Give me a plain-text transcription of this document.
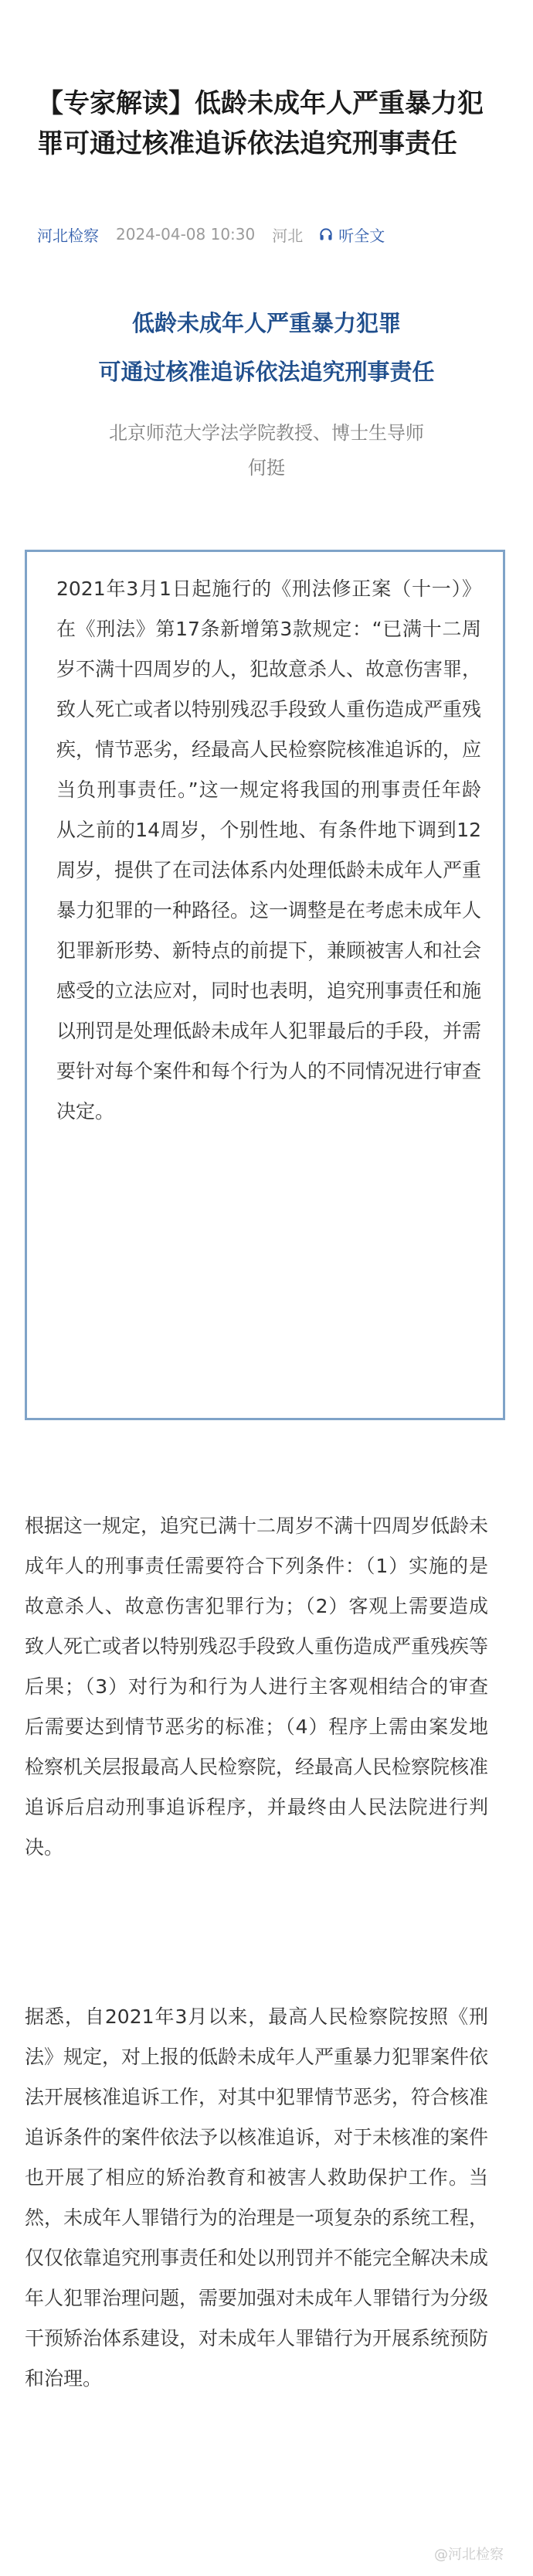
【专家解读】低龄未成年人严重暴力犯罪可通过核准追诉依法追究刑事责任
河北检察 2024-04-08 10:30 河北 听全文
低龄未成年人严重暴力犯罪
可通过核准追诉依法追究刑事责任
北京师范大学法学院教授、博士生导师
何挺

2021年3月1日起施行的《刑法修正案（十一）》在《刑法》第17条新增第3款规定：“已满十二周岁不满十四周岁的人，犯故意杀人、故意伤害罪，致人死亡或者以特别残忍手段致人重伤造成严重残疾，情节恶劣，经最高人民检察院核准追诉的，应当负刑事责任。”这一规定将我国的刑事责任年龄从之前的14周岁，个别性地、有条件地下调到12周岁，提供了在司法体系内处理低龄未成年人严重暴力犯罪的一种路径。这一调整是在考虑未成年人犯罪新形势、新特点的前提下，兼顾被害人和社会感受的立法应对，同时也表明，追究刑事责任和施以刑罚是处理低龄未成年人犯罪最后的手段，并需要针对每个案件和每个行为人的不同情况进行审查决定。

根据这一规定，追究已满十二周岁不满十四周岁低龄未成年人的刑事责任需要符合下列条件：（1）实施的是故意杀人、故意伤害犯罪行为；（2）客观上需要造成致人死亡或者以特别残忍手段致人重伤造成严重残疾等后果；（3）对行为和行为人进行主客观相结合的审查后需要达到情节恶劣的标准；（4）程序上需由案发地检察机关层报最高人民检察院，经最高人民检察院核准追诉后启动刑事追诉程序，并最终由人民法院进行判决。

据悉，自2021年3月以来，最高人民检察院按照《刑法》规定，对上报的低龄未成年人严重暴力犯罪案件依法开展核准追诉工作，对其中犯罪情节恶劣，符合核准追诉条件的案件依法予以核准追诉，对于未核准的案件也开展了相应的矫治教育和被害人救助保护工作。当然，未成年人罪错行为的治理是一项复杂的系统工程，仅仅依靠追究刑事责任和处以刑罚并不能完全解决未成年人犯罪治理问题，需要加强对未成年人罪错行为分级干预矫治体系建设，对未成年人罪错行为开展系统预防和治理。

@河北检察
